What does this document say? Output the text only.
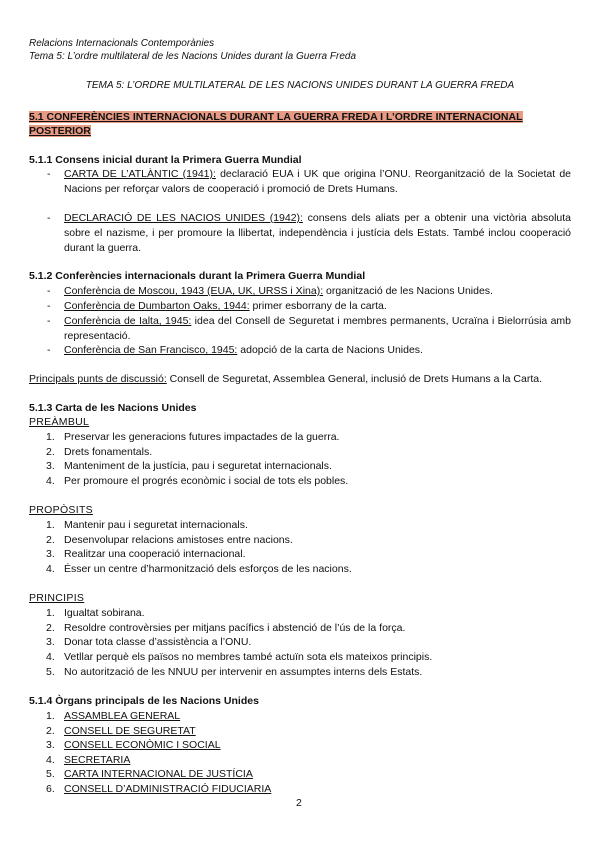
Relacions Internacionals Contemporànies
Tema 5: L’ordre multilateral de les Nacions Unides durant la Guerra Freda
TEMA 5: L’ORDRE MULTILATERAL DE LES NACIONS UNIDES DURANT LA GUERRA FREDA
5.1 CONFERÈNCIES INTERNACIONALS DURANT LA GUERRA FREDA I L’ORDRE INTERNACIONAL POSTERIOR
5.1.1 Consens inicial durant la Primera Guerra Mundial
- CARTA DE L’ATLÀNTIC (1941): declaració EUA i UK que origina l’ONU. Reorganització de la Societat de Nacions per reforçar valors de cooperació i promoció de Drets Humans.
- DECLARACIÓ DE LES NACIOS UNIDES (1942): consens dels aliats per a obtenir una victòria absoluta sobre el nazisme, i per promoure la llibertat, independència i justícia dels Estats. També inclou cooperació durant la guerra.
5.1.2 Conferències internacionals durant la Primera Guerra Mundial
- Conferència de Moscou, 1943 (EUA, UK, URSS i Xina): organització de les Nacions Unides.
- Conferència de Dumbarton Oaks, 1944: primer esborrany de la carta.
- Conferència de Ialta, 1945: idea del Consell de Seguretat i membres permanents, Ucraïna i Bielorrúsia amb representació.
- Conferència de San Francisco, 1945: adopció de la carta de Nacions Unides.
Principals punts de discussió: Consell de Seguretat, Assemblea General, inclusió de Drets Humans a la Carta.
5.1.3 Carta de les Nacions Unides
PREÀMBUL
1. Preservar les generacions futures impactades de la guerra.
2. Drets fonamentals.
3. Manteniment de la justícia, pau i seguretat internacionals.
4. Per promoure el progrés econòmic i social de tots els pobles.
PROPÒSITS
1. Mantenir pau i seguretat internacionals.
2. Desenvolupar relacions amistoses entre nacions.
3. Realitzar una cooperació internacional.
4. Ésser un centre d’harmonització dels esforços de les nacions.
PRINCIPIS
1. Igualtat sobirana.
2. Resoldre controvèrsies per mitjans pacífics i abstenció de l’ús de la força.
3. Donar tota classe d’assistència a l’ONU.
4. Vetllar perquè els països no membres també actuïn sota els mateixos principis.
5. No autorització de les NNUU per intervenir en assumptes interns dels Estats.
5.1.4 Òrgans principals de les Nacions Unides
1. ASSAMBLEA GENERAL
2. CONSELL DE SEGURETAT
3. CONSELL ECONÒMIC I SOCIAL
4. SECRETARIA
5. CARTA INTERNACIONAL DE JUSTÍCIA
6. CONSELL D’ADMINISTRACIÓ FIDUCIARIA
2
